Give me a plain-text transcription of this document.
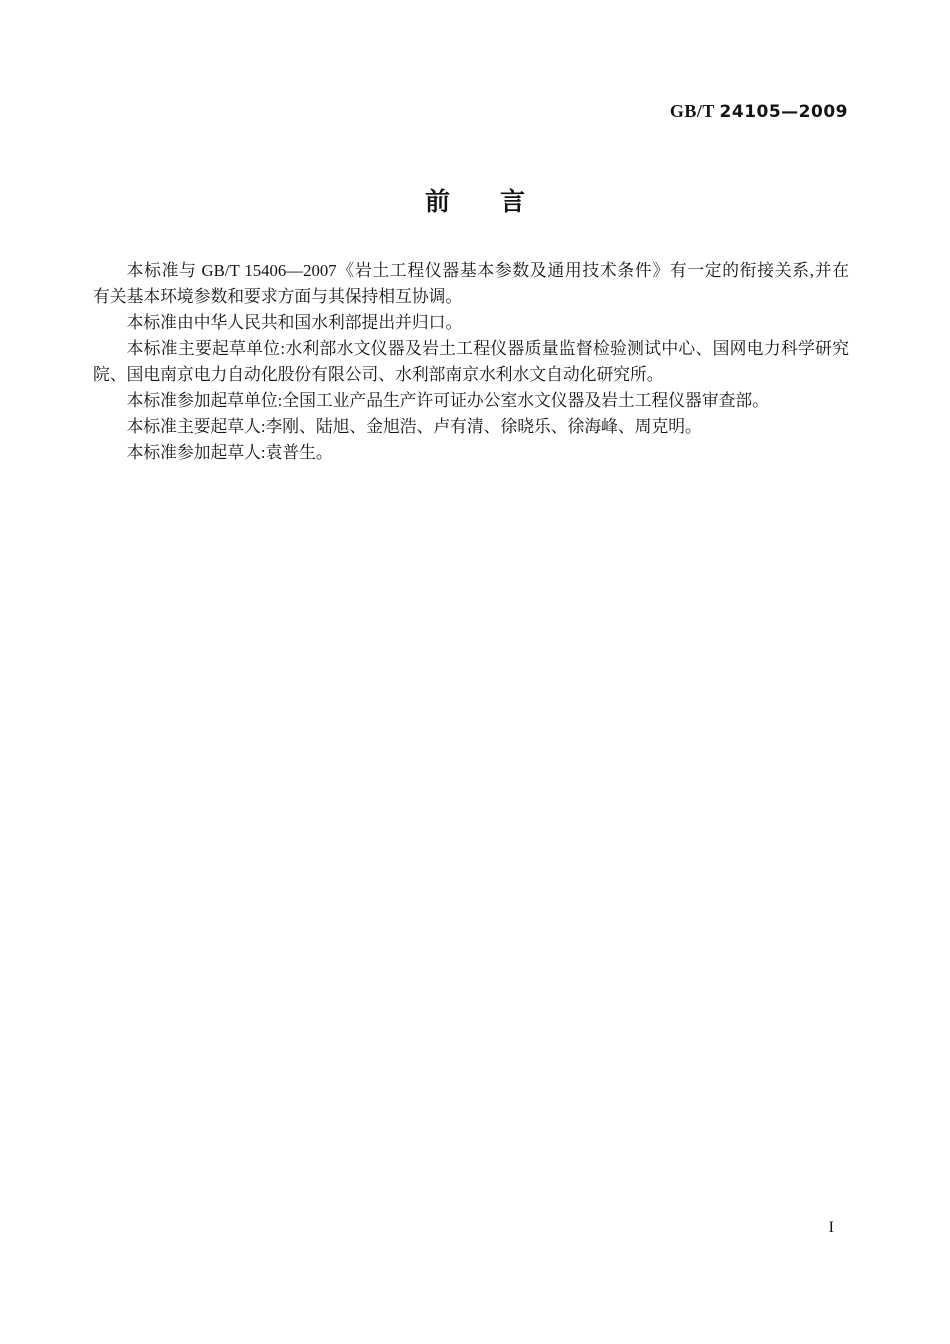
GB/T 24105—2009
前言
本标准与 GB/T 15406—2007《岩土工程仪器基本参数及通用技术条件》有一定的衔接关系,并在
有关基本环境参数和要求方面与其保持相互协调。
本标准由中华人民共和国水利部提出并归口。
本标准主要起草单位:水利部水文仪器及岩土工程仪器质量监督检验测试中心、国网电力科学研究
院、国电南京电力自动化股份有限公司、水利部南京水利水文自动化研究所。
本标准参加起草单位:全国工业产品生产许可证办公室水文仪器及岩土工程仪器审查部。
本标准主要起草人:李刚、陆旭、金旭浩、卢有清、徐晓乐、徐海峰、周克明。
本标准参加起草人:袁普生。
I
